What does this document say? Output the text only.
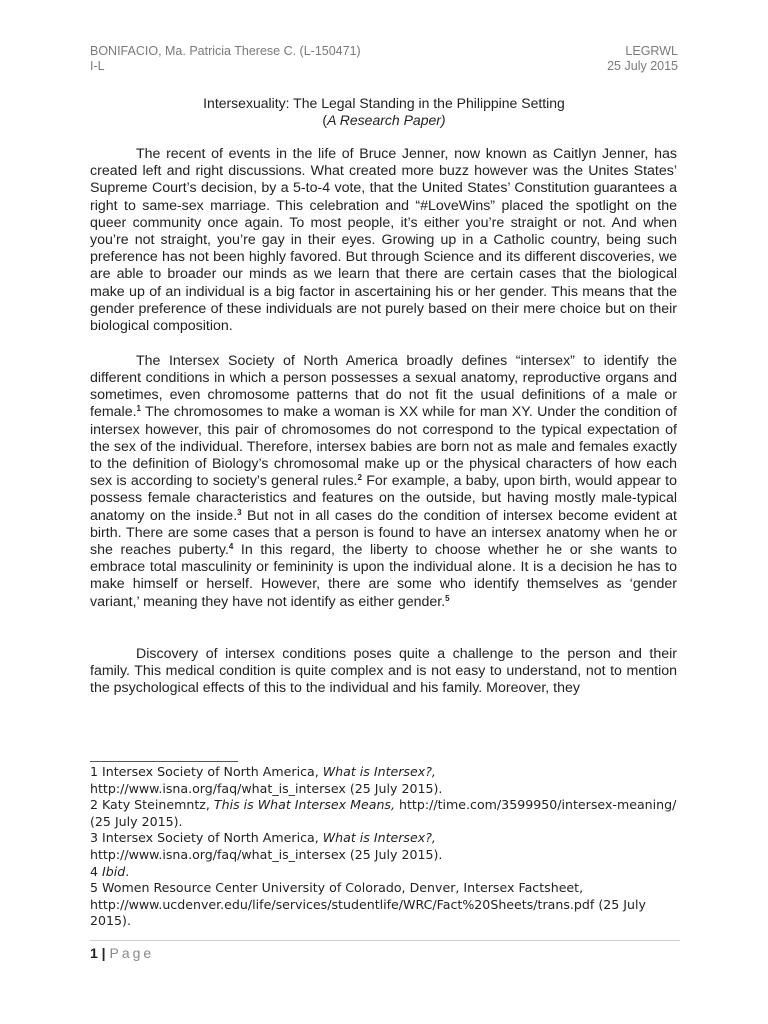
BONIFACIO, Ma. Patricia Therese C. (L-150471)
I-L
LEGRWL
25 July 2015
Intersexuality: The Legal Standing in the Philippine Setting
(A Research Paper)

The recent of events in the life of Bruce Jenner, now known as Caitlyn Jenner, has created left and right discussions. What created more buzz however was the Unites States’ Supreme Court’s decision, by a 5-to-4 vote, that the United States’ Constitution guarantees a right to same-sex marriage. This celebration and “#LoveWins” placed the spotlight on the queer community once again. To most people, it’s either you’re straight or not. And when you’re not straight, you’re gay in their eyes. Growing up in a Catholic country, being such preference has not been highly favored. But through Science and its different discoveries, we are able to broader our minds as we learn that there are certain cases that the biological make up of an individual is a big factor in ascertaining his or her gender. This means that the gender preference of these individuals are not purely based on their mere choice but on their biological composition.

The Intersex Society of North America broadly defines “intersex” to identify the different conditions in which a person possesses a sexual anatomy, reproductive organs and sometimes, even chromosome patterns that do not fit the usual definitions of a male or female.$^1$ The chromosomes to make a woman is XX while for man XY. Under the condition of intersex however, this pair of chromosomes do not correspond to the typical expectation of the sex of the individual. Therefore, intersex babies are born not as male and females exactly to the definition of Biology’s chromosomal make up or the physical characters of how each sex is according to society’s general rules.$^2$ For example, a baby, upon birth, would appear to possess female characteristics and features on the outside, but having mostly male-typical anatomy on the inside.$^3$ But not in all cases do the condition of intersex become evident at birth. There are some cases that a person is found to have an intersex anatomy when he or she reaches puberty.$^4$ In this regard, the liberty to choose whether he or she wants to embrace total masculinity or femininity is upon the individual alone. It is a decision he has to make himself or herself. However, there are some who identify themselves as ‘gender variant,’ meaning they have not identify as either gender.$^5$

Discovery of intersex conditions poses quite a challenge to the person and their family. This medical condition is quite complex and is not easy to understand, not to mention the psychological effects of this to the individual and his family. Moreover, they

1 Intersex Society of North America, What is Intersex?, http://www.isna.org/faq/what_is_intersex (25 July 2015).

2 Katy Steinemntz, This is What Intersex Means, http://time.com/3599950/intersex-meaning/ (25 July 2015).

3 Intersex Society of North America, What is Intersex?, http://www.isna.org/faq/what_is_intersex (25 July 2015).

4 Ibid.

5 Women Resource Center University of Colorado, Denver, Intersex Factsheet, http://www.ucdenver.edu/life/services/studentlife/WRC/Fact%20Sheets/trans.pdf (25 July 2015).

1 | Page
